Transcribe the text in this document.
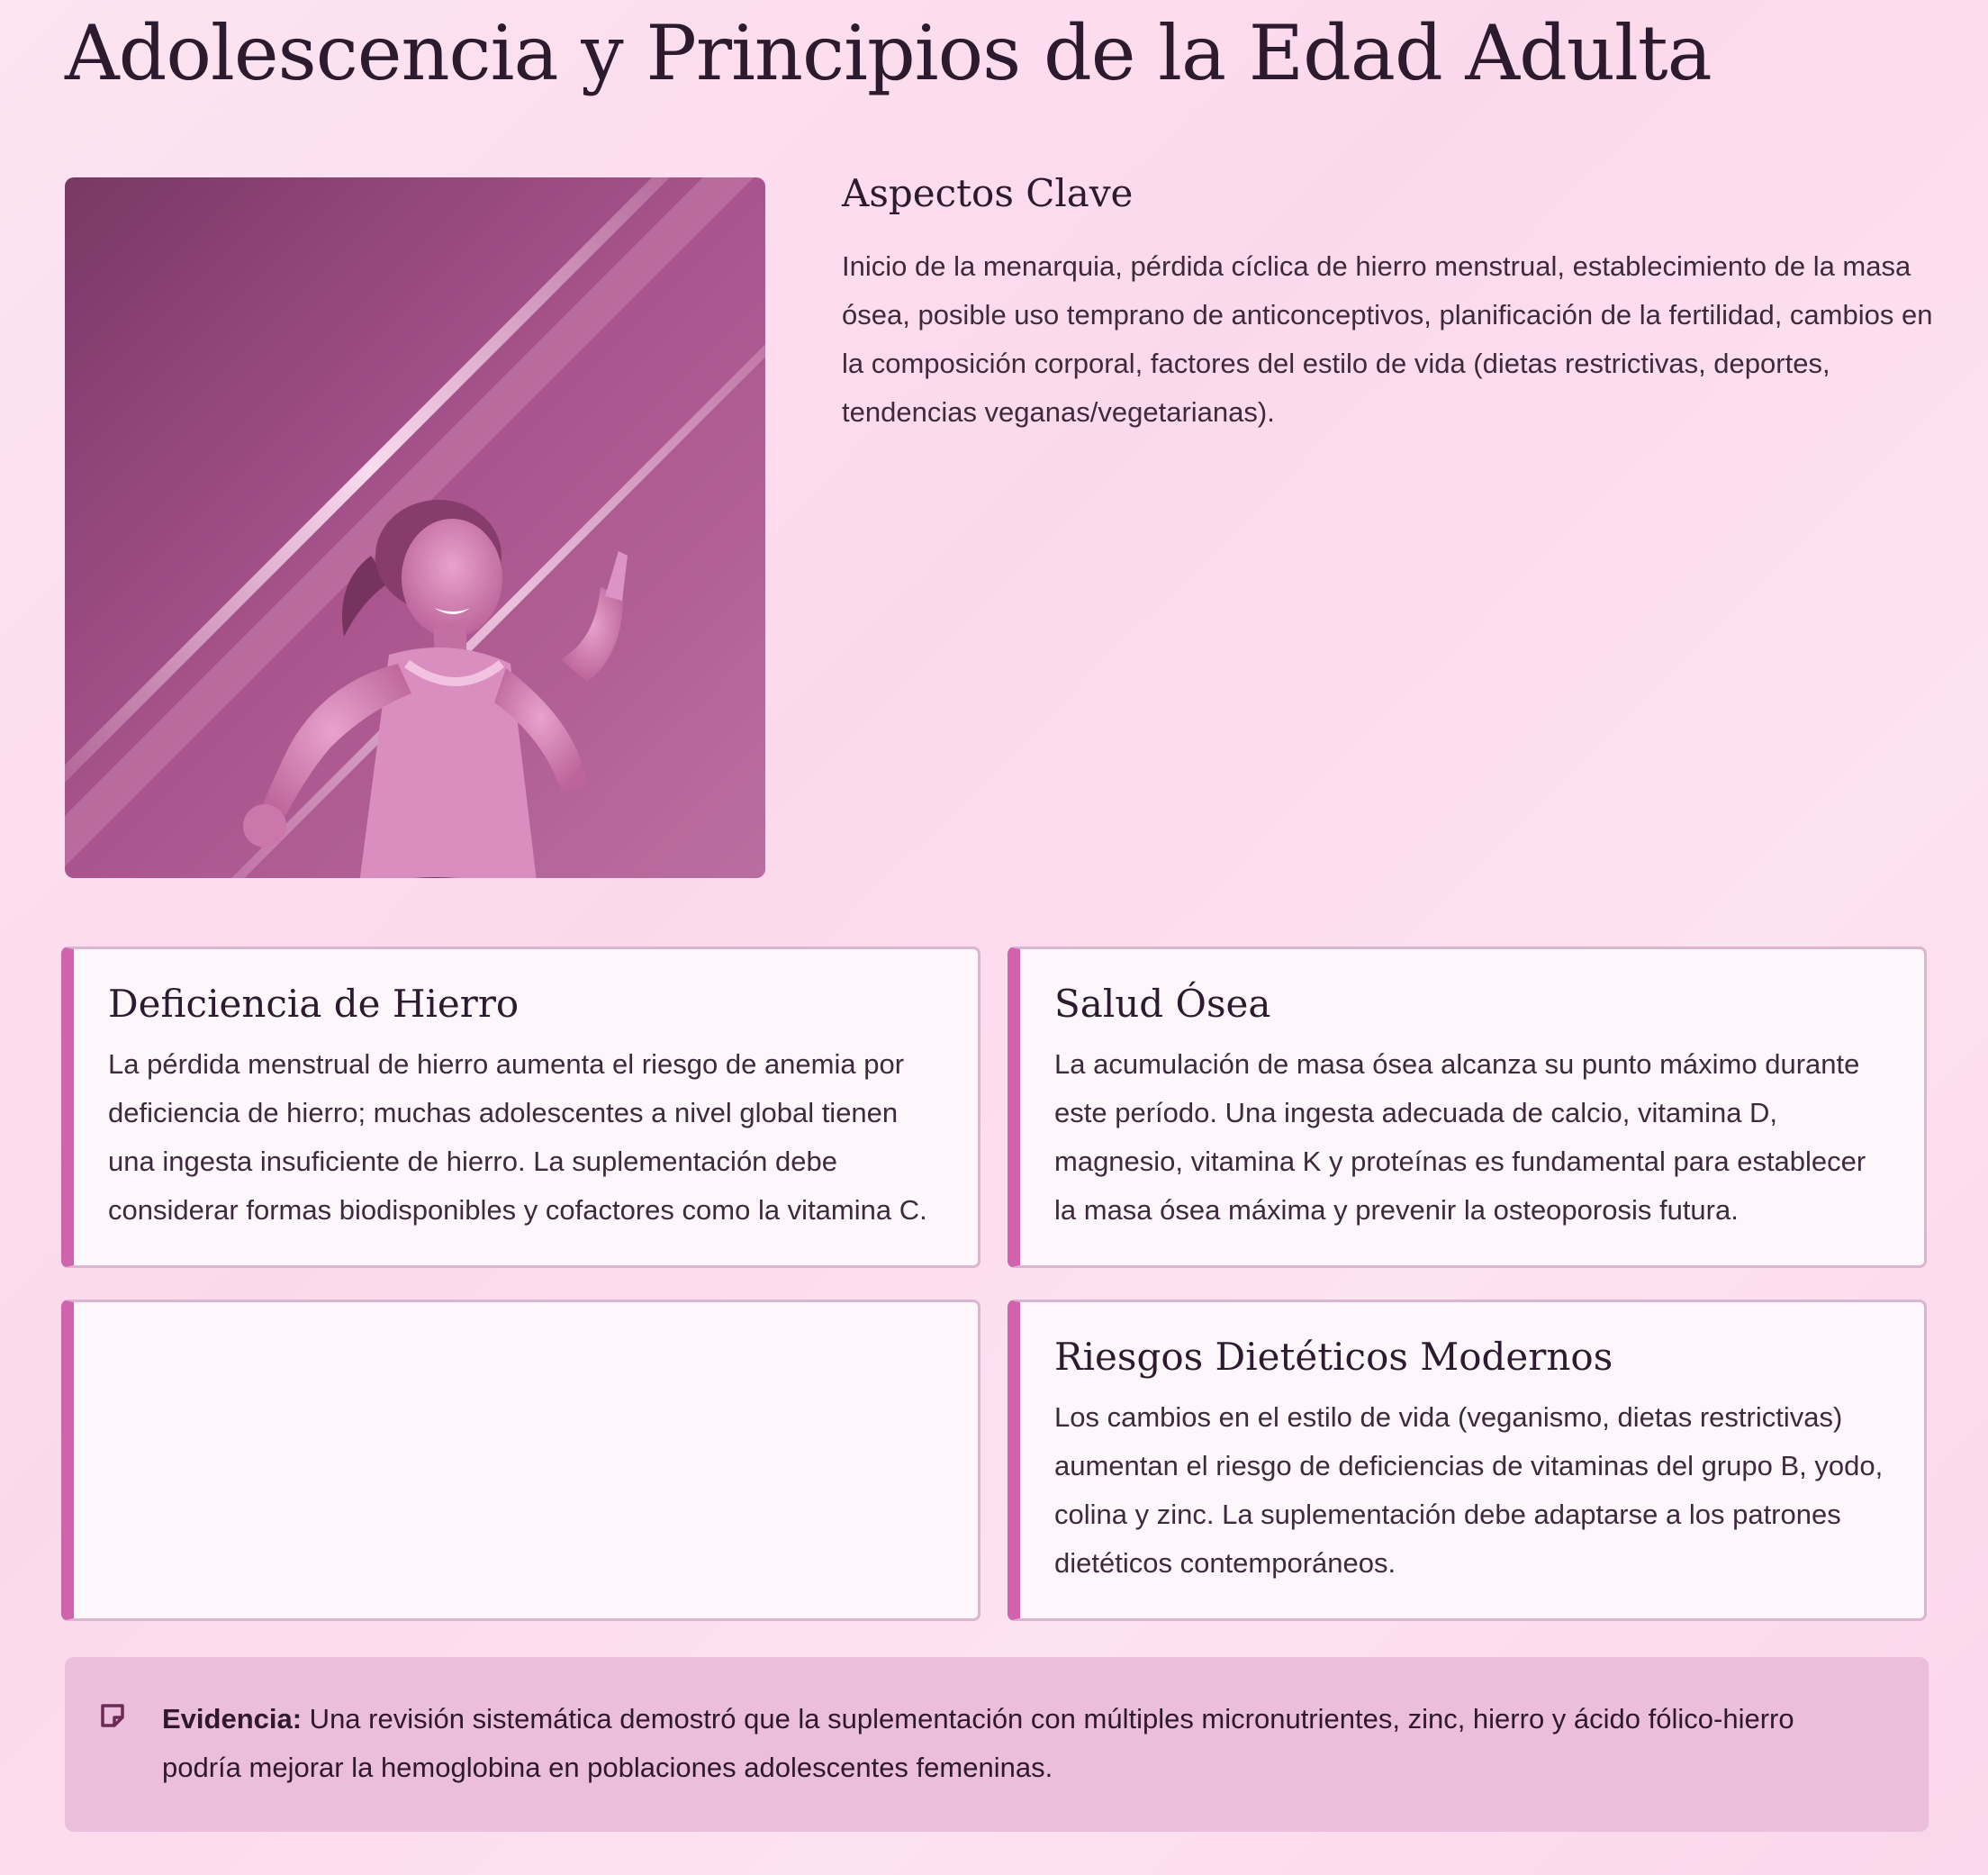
Adolescencia y Principios de la Edad Adulta
Aspectos Clave

Inicio de la menarquia, pérdida cíclica de hierro menstrual, establecimiento de la masa ósea, posible uso temprano de anticonceptivos, planificación de la fertilidad, cambios en la composición corporal, factores del estilo de vida (dietas restrictivas, deportes, tendencias veganas/vegetarianas).

Deficiencia de Hierro

La pérdida menstrual de hierro aumenta el riesgo de anemia por deficiencia de hierro; muchas adolescentes a nivel global tienen una ingesta insuficiente de hierro. La suplementación debe considerar formas biodisponibles y cofactores como la vitamina C.

Salud Ósea

La acumulación de masa ósea alcanza su punto máximo durante este período. Una ingesta adecuada de calcio, vitamina D, magnesio, vitamina K y proteínas es fundamental para establecer la masa ósea máxima y prevenir la osteoporosis futura.

Riesgos Dietéticos Modernos

Los cambios en el estilo de vida (veganismo, dietas restrictivas) aumentan el riesgo de deficiencias de vitaminas del grupo B, yodo, colina y zinc. La suplementación debe adaptarse a los patrones dietéticos contemporáneos.

Evidencia: Una revisión sistemática demostró que la suplementación con múltiples micronutrientes, zinc, hierro y ácido fólico-hierro podría mejorar la hemoglobina en poblaciones adolescentes femeninas.
